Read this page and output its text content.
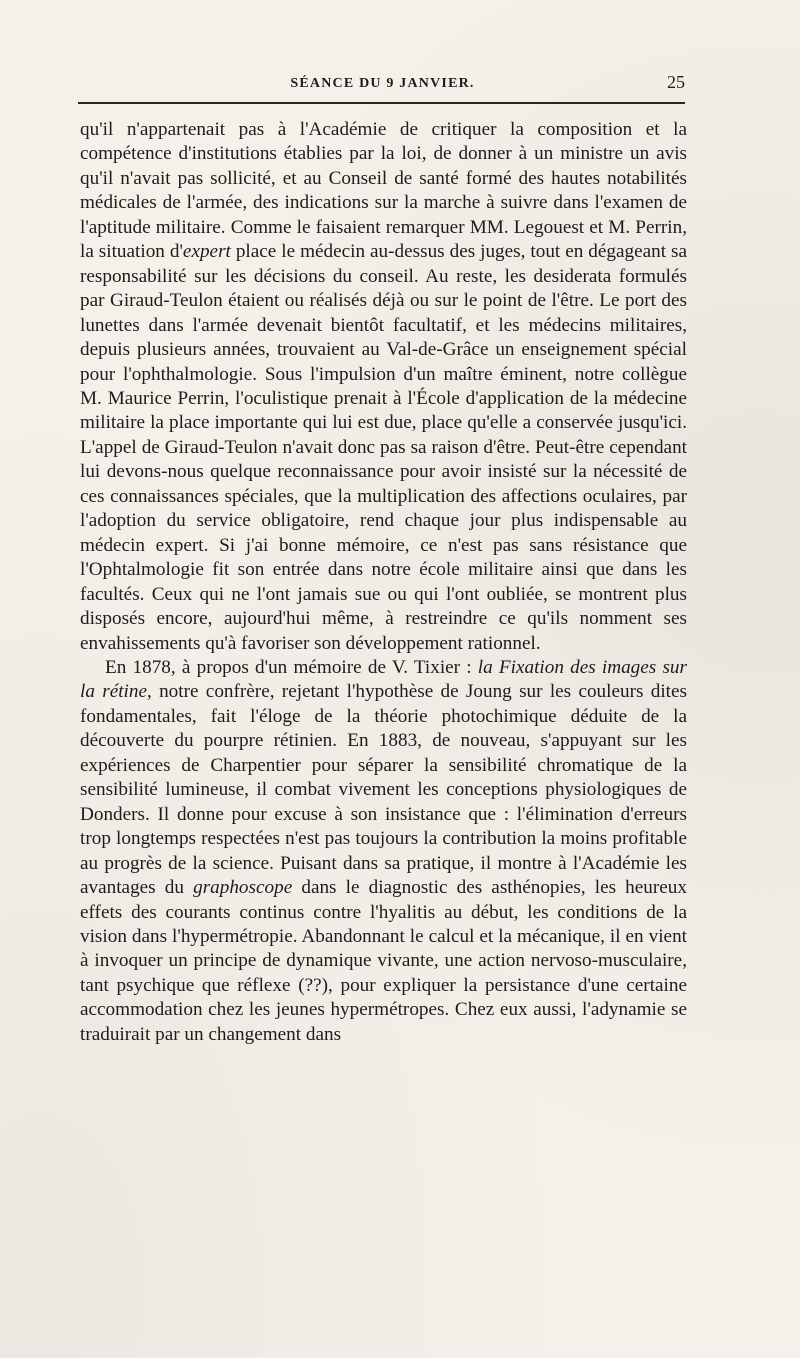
SÉANCE DU 9 JANVIER.	25

qu'il n'appartenait pas à l'Académie de critiquer la composition et la compétence d'institutions établies par la loi, de donner à un ministre un avis qu'il n'avait pas sollicité, et au Conseil de santé formé des hautes notabilités médicales de l'armée, des indications sur la marche à suivre dans l'examen de l'aptitude militaire. Comme le faisaient remarquer MM. Legouest et M. Perrin, la situation d'expert place le médecin au-dessus des juges, tout en dégageant sa responsabilité sur les décisions du conseil. Au reste, les desiderata formulés par Giraud-Teulon étaient ou réalisés déjà ou sur le point de l'être. Le port des lunettes dans l'armée devenait bientôt facultatif, et les médecins militaires, depuis plusieurs années, trouvaient au Val-de-Grâce un enseignement spécial pour l'ophthalmologie. Sous l'impulsion d'un maître éminent, notre collègue M. Maurice Perrin, l'oculistique prenait à l'École d'application de la médecine militaire la place importante qui lui est due, place qu'elle a conservée jusqu'ici. L'appel de Giraud-Teulon n'avait donc pas sa raison d'être. Peut-être cependant lui devons-nous quelque reconnaissance pour avoir insisté sur la nécessité de ces connaissances spéciales, que la multiplication des affections oculaires, par l'adoption du service obligatoire, rend chaque jour plus indispensable au médecin expert. Si j'ai bonne mémoire, ce n'est pas sans résistance que l'Ophtalmologie fit son entrée dans notre école militaire ainsi que dans les facultés. Ceux qui ne l'ont jamais sue ou qui l'ont oubliée, se montrent plus disposés encore, aujourd'hui même, à restreindre ce qu'ils nomment ses envahissements qu'à favoriser son développement rationnel.

En 1878, à propos d'un mémoire de V. Tixier : la Fixation des images sur la rétine, notre confrère, rejetant l'hypothèse de Joung sur les couleurs dites fondamentales, fait l'éloge de la théorie photochimique déduite de la découverte du pourpre rétinien. En 1883, de nouveau, s'appuyant sur les expériences de Charpentier pour séparer la sensibilité chromatique de la sensibilité lumineuse, il combat vivement les conceptions physiologiques de Donders. Il donne pour excuse à son insistance que : l'élimination d'erreurs trop longtemps respectées n'est pas toujours la contribution la moins profitable au progrès de la science. Puisant dans sa pratique, il montre à l'Académie les avantages du graphoscope dans le diagnostic des asthénopies, les heureux effets des courants continus contre l'hyalitis au début, les conditions de la vision dans l'hypermétropie. Abandonnant le calcul et la mécanique, il en vient à invoquer un principe de dynamique vivante, une action nervoso-musculaire, tant psychique que réflexe (??), pour expliquer la persistance d'une certaine accommodation chez les jeunes hypermétropes. Chez eux aussi, l'adynamie se traduirait par un changement dans
